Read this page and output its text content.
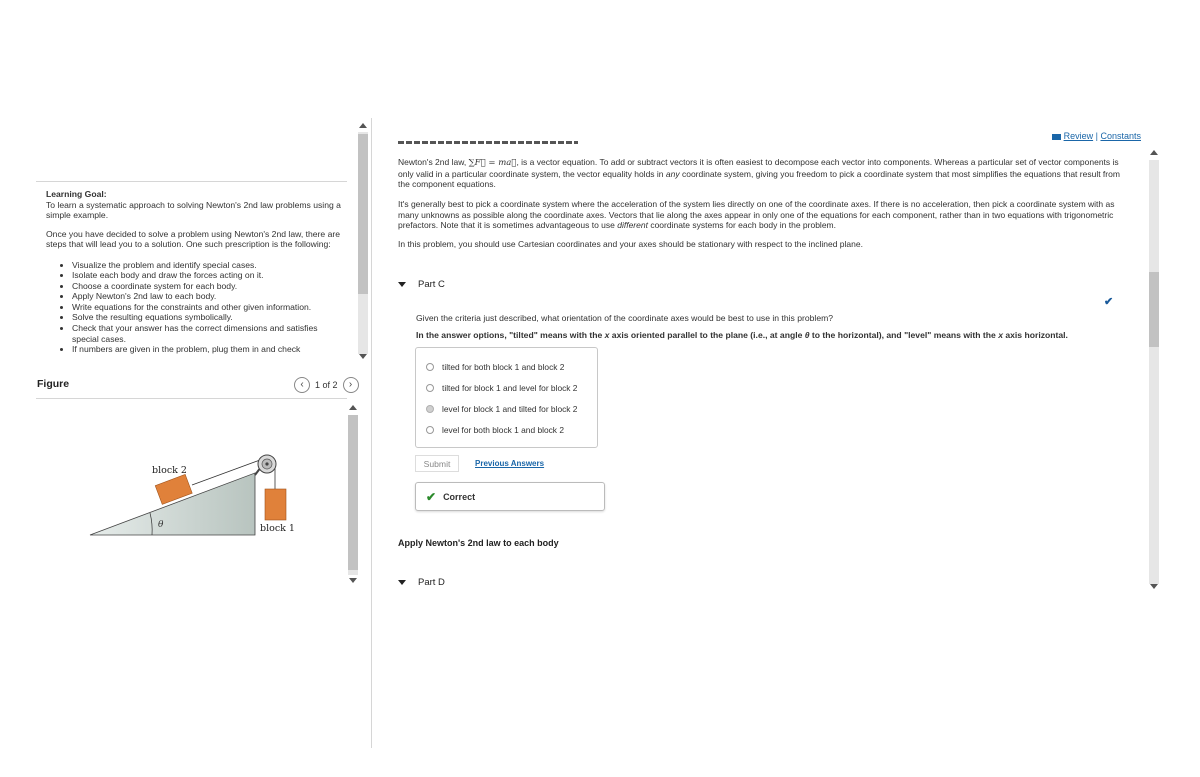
Learning Goal:
To learn a systematic approach to solving Newton's 2nd law problems using a simple example.

Once you have decided to solve a problem using Newton's 2nd law, there are steps that will lead you to a solution. One such prescription is the following:

• Visualize the problem and identify special cases.
• Isolate each body and draw the forces acting on it.
• Choose a coordinate system for each body.
• Apply Newton's 2nd law to each body.
• Write equations for the constraints and other given information.
• Solve the resulting equations symbolically.
• Check that your answer has the correct dimensions and satisfies special cases.
• If numbers are given in the problem, plug them in and check
Figure	‹	1 of 2	›
θ
block 2
block 1
Review | Constants
Newton's 2nd law, ∑F⃗ = ma⃗, is a vector equation. To add or subtract vectors it is often easiest to decompose each vector into components. Whereas a particular set of vector components is only valid in a particular coordinate system, the vector equality holds in any coordinate system, giving you freedom to pick a coordinate system that most simplifies the equations that result from the component equations.
It's generally best to pick a coordinate system where the acceleration of the system lies directly on one of the coordinate axes. If there is no acceleration, then pick a coordinate system with as many unknowns as possible along the coordinate axes. Vectors that lie along the axes appear in only one of the equations for each component, rather than in two equations with trigonometric prefactors. Note that it is sometimes advantageous to use different coordinate systems for each body in the problem.
In this problem, you should use Cartesian coordinates and your axes should be stationary with respect to the inclined plane.
Part C
✔
Given the criteria just described, what orientation of the coordinate axes would be best to use in this problem?
In the answer options, "tilted" means with the x axis oriented parallel to the plane (i.e., at angle θ to the horizontal), and "level" means with the x axis horizontal.
tilted for both block 1 and block 2
tilted for block 1 and level for block 2
level for block 1 and tilted for block 2
level for both block 1 and block 2
Submit	Previous Answers
✔ Correct
Apply Newton's 2nd law to each body
Part D
